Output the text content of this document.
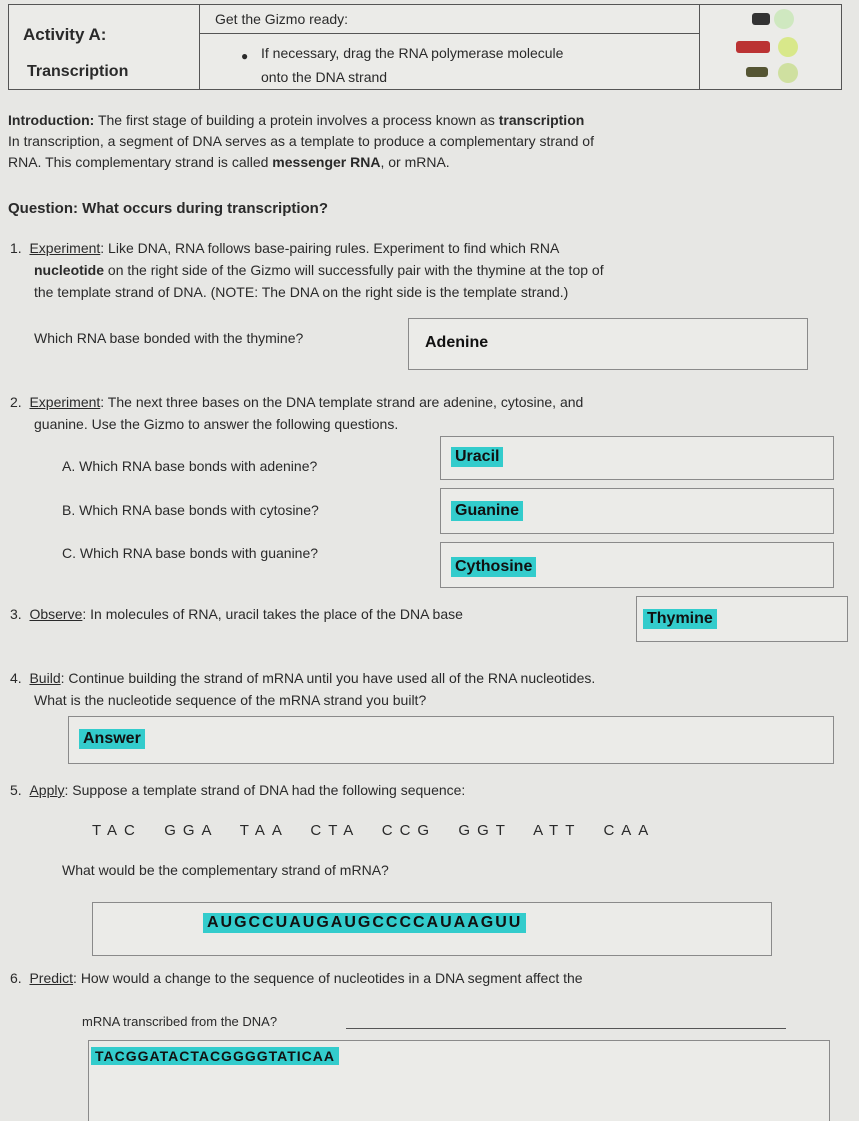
Activity A:
Transcription
Get the Gizmo ready:
● If necessary, drag the RNA polymerase molecule
onto the DNA strand
Introduction: The first stage of building a protein involves a process known as transcription
In transcription, a segment of DNA serves as a template to produce a complementary strand of
RNA. This complementary strand is called messenger RNA, or mRNA.
Question: What occurs during transcription?
1. Experiment: Like DNA, RNA follows base-pairing rules. Experiment to find which RNA
nucleotide on the right side of the Gizmo will successfully pair with the thymine at the top of
the template strand of DNA. (NOTE: The DNA on the right side is the template strand.)
Which RNA base bonded with the thymine?	Adenine
2. Experiment: The next three bases on the DNA template strand are adenine, cytosine, and
guanine. Use the Gizmo to answer the following questions.
A. Which RNA base bonds with adenine?
Uracil
B. Which RNA base bonds with cytosine?	Guanine
C. Which RNA base bonds with guanine?
Cythosine
3. Observe: In molecules of RNA, uracil takes the place of the DNA base	Thymine
4. Build: Continue building the strand of mRNA until you have used all of the RNA nucleotides.
What is the nucleotide sequence of the mRNA strand you built?
Answer
5. Apply: Suppose a template strand of DNA had the following sequence:
TAC  GGA  TAA  CTA  CCG  GGT  ATT  CAA
What would be the complementary strand of mRNA?
AUGCCUAUGAUGCCCCAUAAGUU
6. Predict: How would a change to the sequence of nucleotides in a DNA segment affect the
mRNA transcribed from the DNA?
TACGGATACTACGGGGTATICAA
